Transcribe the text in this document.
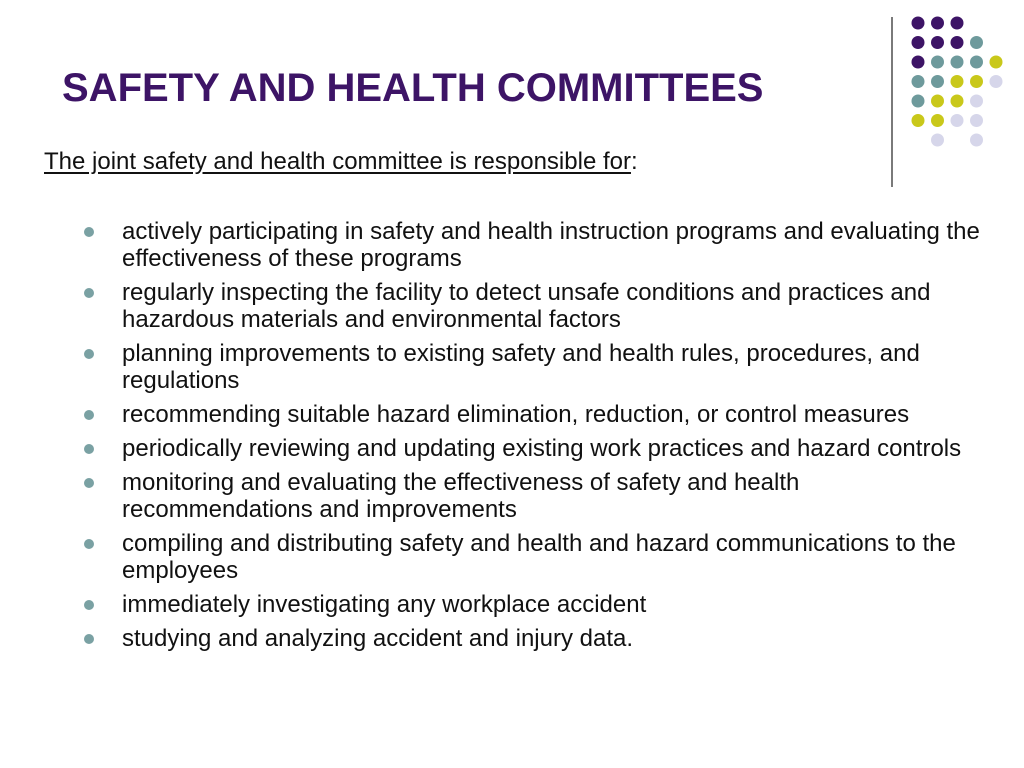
SAFETY AND HEALTH COMMITTEES
The joint safety and health committee is responsible for:
actively participating in safety and health instruction programs and evaluating the effectiveness of these programs
regularly inspecting the facility to detect unsafe conditions and practices and hazardous materials and environmental factors
planning improvements to existing safety and health rules, procedures, and regulations
recommending suitable hazard elimination, reduction, or control measures
periodically reviewing and updating existing work practices and hazard controls
monitoring and evaluating the effectiveness of safety and health recommendations and improvements
compiling and distributing safety and health and hazard communications to the employees
immediately investigating any workplace accident
studying and analyzing accident and injury data.
